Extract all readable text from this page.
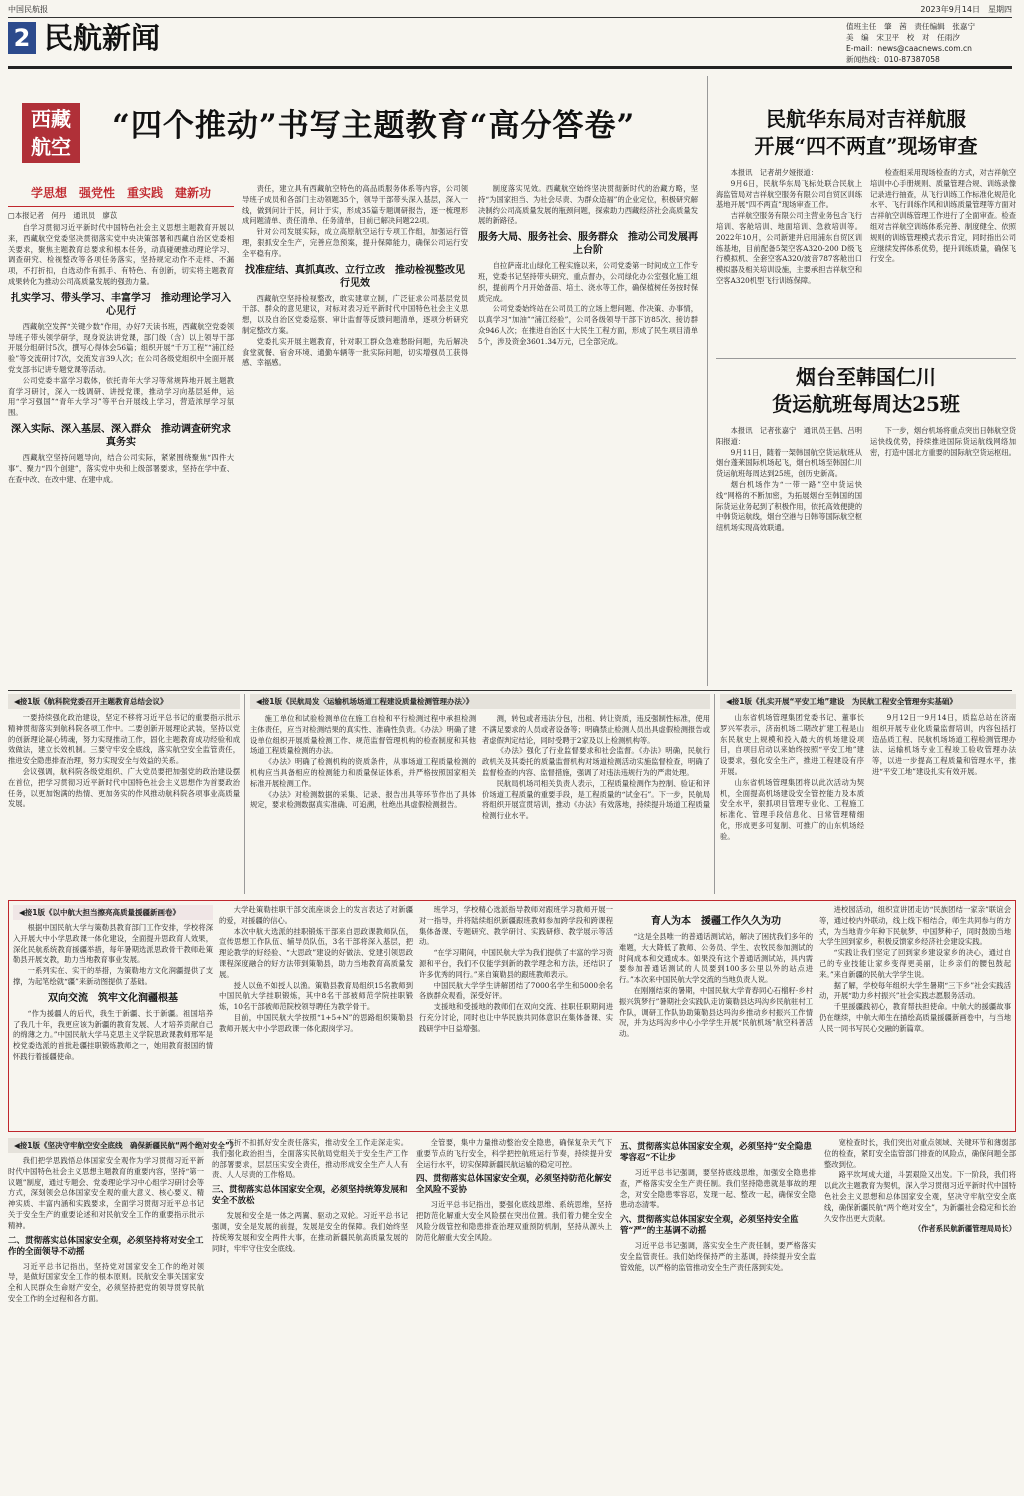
中国民航报	2023年9月14日　星期四
2 民航新闻	值班主任　肇　茜　责任编辑　张嘉宁
美　编　宋卫平　校　对　任雨汐
E-mail：news@caacnews.com.cn
新闻热线：010-87387058
西藏
航空
“四个推动”书写主题教育“高分答卷”
学思想　强党性　重实践　建新功

□本报记者　何丹　通讯员　廖苡

自学习贯彻习近平新时代中国特色社会主义思想主题教育开展以来，西藏航空党委坚决贯彻落实党中央决策部署和西藏自治区党委相关要求，聚焦主题教育总要求和根本任务，动真碰硬推动理论学习、调查研究、检视整改等各项任务落实，坚持规定动作不走样、不漏项，不打折扣，自选动作有抓手、有特色、有创新，切实将主题教育成果转化为推动公司高质量发展的强劲力量。

扎实学习、带头学习、丰富学习　推动理论学习入心见行

西藏航空发挥“关键少数”作用，办好7天读书班，西藏航空党委领导班子带头领学研学，现身说法讲党课，部门级（含）以上领导干部开展分组研讨5次，撰写心得体会56篇；组织开展“千万工程”“浦江经验”等交流研讨7次，交流发言39人次；在公司各级党组织中全面开展党支部书记讲专题党课等活动。

公司党委丰富学习载体，依托青年大学习等常规阵地开展主题教育学习研讨，深入一线调研、讲授党课，推动学习向基层延伸，运用“学习强国”“青年大学习”等平台开展线上学习，营造浓厚学习氛围。

深入实际、深入基层、深入群众　推动调查研究求真务实

西藏航空坚持问题导向，结合公司实际，紧紧围绕聚焦“四件大事”、聚力“四个创建”，落实党中央和上级部署要求，坚持在学中查、在查中改、在改中建、在建中成。

责任，建立具有西藏航空特色的高品质服务体系等内容，公司领导班子成员和各部门主动领题35个，领导干部带头深入基层，深入一线，做到问计于民，问计于实，形成35篇专题调研报告，逐一梳理形成问题清单、责任清单、任务清单，目前已解决问题22项。

针对公司发展实际，成立高原航空运行专项工作组，加强运行管理，狠抓安全生产，完善应急预案，提升保障能力，确保公司运行安全平稳有序。

找准症结、真抓真改、立行立改　推动检视整改见行见效

西藏航空坚持检视整改，敢实建章立制，广泛征求公司基层党员干部、群众的意见建议，对标对表习近平新时代中国特色社会主义思想，以及自治区党委巡察、审计监督等反馈问题清单，逐项分析研究制定整改方案。

党委扎实开展主题教育，针对职工群众急难愁盼问题，先后解决食堂就餐、宿舍环境、通勤车辆等一批实际问题，切实增强员工获得感、幸福感。

制度落实见效。西藏航空始终坚决贯彻新时代的治藏方略，坚持“为国家担当、为社会尽责、为群众造福”的企业定位，积极研究解决制约公司高质量发展的瓶颈问题，探索助力西藏经济社会高质量发展的新路径。

服务大局、服务社会、服务群众　推动公司发展再上台阶

自拉萨南北山绿化工程实施以来，公司党委第一时间成立工作专班，党委书记坚持带头研究、重点督办，公司绿化办公室强化施工组织，提前两个月开始备苗、培土、浇水等工作，确保植树任务按时保质完成。

公司党委始终站在公司员工的立场上想问题、作决策、办事情，以真学习“加油”“浦江经验”，公司各级领导干部下访85次、接访群众946人次；在推进自治区十大民生工程方面，形成了民生项目清单5个，涉及资金3601.34万元，已全部完成。

民航华东局对吉祥航服
开展“四不两直”现场审查

本报讯　记者胡夕娅报道：

9月6日，民航华东局飞标处联合民航上海监管局对吉祥航空服务有限公司自贸区训练基地开展“四不两直”现场审查工作。

吉祥航空服务有限公司主营业务包含飞行培训、客舱培训、地面培训、急救培训等。2022年10月，公司新建并启用浦东自贸区训练基地，目前配备5架空客A320-200 D级飞行模拟机、全套空客A320/波音787客舱出口模拟器及相关培训设施，主要承担吉祥航空和空客A320机型飞行训练保障。

检查组采用现场检查的方式，对吉祥航空培训中心手册规则、质量管理合规、训练录像记录进行抽查，从飞行训练工作标准化规范化水平、飞行训练作风和训练质量管理等方面对吉祥航空训练管理工作进行了全面审查。检查组对吉祥航空训练体系完善、制度健全、依照规则的训练管理模式表示肯定，同时指出公司应继续发挥体系优势，提升训练质量，确保飞行安全。

烟台至韩国仁川
货运航班每周达25班

本报讯　记者张嘉宁　通讯员王倡、吕明阳报道：

9月11日，随着一架韩国航空货运航班从烟台蓬莱国际机场起飞，烟台机场至韩国仁川货运航班每周达到25班，创历史新高。

烟台机场作为“一带一路”空中货运快线“网格的不断加密，为拓展烟台至韩国的国际货运业务起到了积极作用，依托高效便捷的中韩货运航线，烟台空港与日韩等国际航空枢纽机场实现高效联通。

下一步，烟台机场将重点突出日韩航空货运快线优势，持续推进国际货运航线网络加密，打造中国北方重要的国际航空货运枢纽。

◀接1版《航科院党委召开主题教育总结会议》

一要持续强化政治建设，坚定不移将习近平总书记的重要指示批示精神贯彻落实到航科院各项工作中。二要创新开展理论武装，坚持以党的创新理论凝心铸魂，努力实现推动工作，固化主题教育成功经验和成效做法，建立长效机制。三要守牢安全底线，落实航空安全监管责任，推进安全隐患排查治理，努力实现安全与效益的关系。

会议强调，航科院各级党组织、广大党员要把加强党的政治建设摆在首位，把学习贯彻习近平新时代中国特色社会主义思想作为首要政治任务，以更加饱满的热情、更加务实的作风推动航科院各项事业高质量发展。

◀接1版《民航局发〈运输机场场道工程建设质量检测管理办法〉》

施工单位和试验检测单位在施工自检和平行检测过程中承担检测主体责任，应当对检测结果的真实性、准确性负责。《办法》明确了建设单位组织开展质量检测工作、规范监督管理机构的检查制度和其他场道工程质量检测的办法。

《办法》明确了检测机构的资质条件，从事场道工程质量检测的机构应当具备相应的检测能力和质量保证体系，并严格按照国家相关标准开展检测工作。

《办法》对检测数据的采集、记录、报告出具等环节作出了具体规定，要求检测数据真实准确、可追溯，杜绝出具虚假检测报告。

测，转包或者违法分包，出租、转让资质，违反强制性标准，使用不满足要求的人员或者设备等；明确禁止检测人员出具虚假检测报告或者虚假判定结论，同时受聘于2家及以上检测机构等。

《办法》强化了行业监督要求和社会监督。《办法》明确，民航行政机关及其委托的质量监督机构对场道检测活动实施监督检查，明确了监督检查的内容、监督措施，强调了对违法违规行为的严肃处理。

民航局机场司相关负责人表示，工程质量检测作为控制、验证和评价场道工程质量的重要手段，是工程质量的“试金石”。下一步，民航局将组织开展宣贯培训，推动《办法》有效落地，持续提升场道工程质量检测行业水平。

◀接1版《扎实开展“平安工地”建设　为民航工程安全管理夯实基础》

山东省机场管理集团党委书记、董事长罗兴军表示，济南机场二期改扩建工程是山东民航史上规模和投入最大的机场建设项目，自项目启动以来始终按照“平安工地”建设要求，强化安全生产，推进工程建设有序开展。

山东省机场管理集团将以此次活动为契机，全面提高机场建设安全管控能力及本质安全水平，狠抓项目管理专业化、工程施工标准化、管理手段信息化、日常管理精细化，形成更多可复制、可推广的山东机场经验。

9月12日一9月14日，质监总站在济南组织开展专业化质量监督培训，内容包括打造品质工程、民航机场场道工程检测管理办法、运输机场专业工程竣工验收管理办法等，以进一步提高工程质量和管理水平，推进“平安工地”建设扎实有效开展。

◀接1版《以中航大担当擦亮高质量援疆新画卷》

根据中国民航大学与策勒县教育部门工作安排，学校将深入开展大中小学思政课一体化建设，全面提升思政育人效果，深化民航系统教育援疆举措，每年暑期选派思政骨干教师赴策勒县开展支教，助力当地教育事业发展。

一系列实在、实干的举措，为策勒地方文化润疆提供了支撑，为起笔绘就“疆”来新动图提供了基础。

双向交流　筑牢文化润疆根基

“作为援疆人的后代，我生于新疆、长于新疆。祖国培养了我几十年，我更应该为新疆的教育发展、人才培养贡献自己的绵薄之力。”中国民航大学马克思主义学院思政课教师邢军是校党委选派的首批赴疆挂职锻炼教师之一，她用教育报国的情怀践行着援疆使命。

大学赴策勒挂职干部交流座谈会上的发言表达了对新疆的爱，对援疆的信心。

本次中航大选派的挂职锻炼干部来自思政课教师队伍，宣传思想工作队伍、辅导员队伍，3名干部将深入基层，把理论教学的好经验、“大思政”建设的好做法、党建引领思政课程深度融合的好方法带到策勒县，助力当地教育高质量发展。

授人以鱼不如授人以渔。策勒县教育局组织15名教师到中国民航大学挂职锻炼，其中8名干部被师范学院挂职锻炼，10名干部被师范院校领导聘任为教学骨干。

目前，中国民航大学按照“1+5+N”的思路组织策勒县教师开展大中小学思政课一体化跟岗学习。

班学习，学校精心选派指导教师对跟班学习教师开展一对一指导，并将陆续组织新疆跟班教师参加跨学段和跨课程集体备课、专题研究、教学研讨、实践研修、教学展示等活动。

“在学习期间，中国民航大学为我们提供了丰富的学习资源和平台，我们不仅能学到新的教学理念和方法，还结识了许多优秀的同行。”来自策勒县的跟班教师表示。

中国民航大学学生讲解团结了7000名学生和5000余名各族群众观看，深受好评。

支援地和受援地的教师们在双向交流、挂职任职期间进行充分讨论，同时也让中华民族共同体意识在集体备课、实践研学中日益增强。

育人为本　援疆工作久久为功

“这是全县唯一的普通话测试站，解决了困扰我们多年的难题，大大降低了教师、公务员、学生、农牧民参加测试的时间成本和交通成本。如果没有这个普通话测试站，具内需要参加普通话测试的人员要到100多公里以外的站点进行。”本次来中国民航大学交流的当地负责人说。

在刚刚结束的暑期，中国民航大学青春同心石榴籽·乡村振兴筑梦行”暑期社会实践队走访策勒县达玛沟乡民航驻村工作队，调研工作队协助策勒县达玛沟乡推动乡村振兴工作情况，并为达玛沟乡中心小学学生开展“民航机场”航空科普活动。

进校园活动，组织宣讲团走访“民族团结一家亲”联谊会等，通过校内外联动，线上线下相结合，师生共同参与的方式，为当地青少年种下民航梦、中国梦种子，同时鼓励当地大学生回到家乡，积极反馈家乡经济社会建设实践。

“实践让我们坚定了回到家乡建设家乡的决心，通过自己的专业技能让家乡变得更美丽，让乡亲们的腰包鼓起来。”来自新疆的民航大学学生说。

据了解，学校每年组织大学生暑期“三下乡”社会实践活动，开展“助力乡村振兴”社会实践志愿服务活动。

千里援疆践初心，教育帮扶担使命。中航大的援疆故事仍在继续，中航大师生在描绘高质量援疆新画卷中，与当地人民一同书写民心交融的新篇章。

◀接1版《坚决守牢航空安全底线　确保新疆民航“两个绝对安全”》

我们把学思践悟总体国家安全观作为学习贯彻习近平新时代中国特色社会主义思想主题教育的重要内容，坚持“第一议题”制度，通过专题会、党委理论学习中心组学习研讨会等方式，深刻领会总体国家安全观的重大意义、核心要义、精神实质、丰富内涵和实践要求，全面学习贯彻习近平总书记关于安全生产的重要论述和对民航安全工作的重要指示批示精神。

二、贯彻落实总体国家安全观，必须坚持将对安全工作的全面领导不动摇

习近平总书记指出，坚持党对国家安全工作的绝对领导，是做好国家安全工作的根本原则。民航安全事关国家安全和人民群众生命财产安全，必须坚持把党的领导贯穿民航安全工作的全过程和各方面。

不折不扣抓好安全责任落实，推动安全工作走深走实。我们强化政治担当，全面落实民航局党组关于安全生产工作的部署要求，层层压实安全责任，推动形成安全生产人人有责、人人尽责的工作格局。

三、贯彻落实总体国家安全观，必须坚持统筹发展和安全不放松

发展和安全是一体之两翼、驱动之双轮。习近平总书记强调，安全是发展的前提，发展是安全的保障。我们始终坚持统筹发展和安全两件大事，在推动新疆民航高质量发展的同时，牢牢守住安全底线。

全管要，集中力量推动整治安全隐患，确保复杂天气下重要节点的飞行安全，科学把控航班运行节奏，持续提升安全运行水平，切实保障新疆民航运输的稳定可控。

四、贯彻落实总体国家安全观，必须坚持防范化解安全风险不妥协

习近平总书记指出，要强化底线思维、系统思维，坚持把防范化解重大安全风险摆在突出位置。我们着力健全安全风险分级管控和隐患排查治理双重预防机制，坚持从源头上防范化解重大安全风险。

五、贯彻落实总体国家安全观，必须坚持“安全隐患零容忍”不让步

习近平总书记强调，要坚持底线思维，加强安全隐患排查，严格落实安全生产责任制。我们坚持隐患就是事故的理念，对安全隐患零容忍，发现一起、整改一起，确保安全隐患动态清零。

六、贯彻落实总体国家安全观，必须坚持安全监管“严”的主基调不动摇

习近平总书记强调，落实安全生产责任制，要严格落实安全监管责任。我们始终保持严的主基调，持续提升安全监管效能，以严格的监管推动安全生产责任落到实处。

宽检查时长，我们突出对重点领域、关键环节和薄弱部位的检查，紧盯安全监管部门排查的风险点，确保问题全部整改到位。

路平坎坷成大道，斗罢艰险又出发。下一阶段，我们将以此次主题教育为契机，深入学习贯彻习近平新时代中国特色社会主义思想和总体国家安全观，坚决守牢航空安全底线，确保新疆民航“两个绝对安全”，为新疆社会稳定和长治久安作出更大贡献。

（作者系民航新疆管理局局长）
